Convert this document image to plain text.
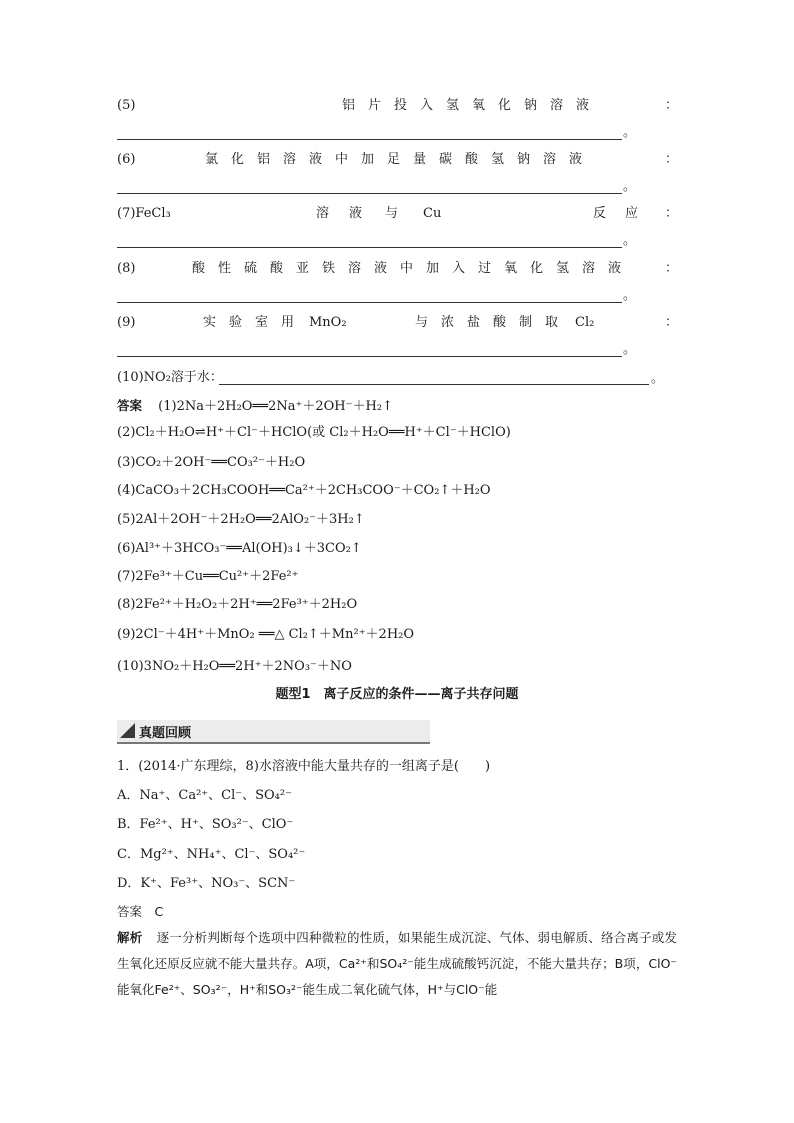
(5)	铝 片 投 入 氢 氧 化 钠 溶 液	：
。
(6)	氯 化 铝 溶 液 中 加 足 量 碳 酸 氢 钠 溶 液	：
。
(7)FeCl₃	溶 液 与 Cu	反 应 ：
。
(8)	酸 性 硫 酸 亚 铁 溶 液 中 加 入 过 氧 化 氢 溶 液	：
。
(9)	实 验 室 用 MnO₂	与 浓 盐 酸 制 取 Cl₂	：
。
(10)NO₂溶于水：	。
答案 (1)2Na＋2H₂O══2Na⁺＋2OH⁻＋H₂↑
(2)Cl₂＋H₂O⇌H⁺＋Cl⁻＋HClO(或 Cl₂＋H₂O══H⁺＋Cl⁻＋HClO)
(3)CO₂＋2OH⁻══CO₃²⁻＋H₂O
(4)CaCO₃＋2CH₃COOH══Ca²⁺＋2CH₃COO⁻＋CO₂↑＋H₂O
(5)2Al＋2OH⁻＋2H₂O══2AlO₂⁻＋3H₂↑
(6)Al³⁺＋3HCO₃⁻══Al(OH)₃↓＋3CO₂↑
(7)2Fe³⁺＋Cu══Cu²⁺＋2Fe²⁺
(8)2Fe²⁺＋H₂O₂＋2H⁺══2Fe³⁺＋2H₂O
(9)2Cl⁻＋4H⁺＋MnO₂ ══△ Cl₂↑＋Mn²⁺＋2H₂O
(10)3NO₂＋H₂O══2H⁺＋2NO₃⁻＋NO
题型1　离子反应的条件——离子共存问题
真题回顾
1．(2014·广东理综，8)水溶液中能大量共存的一组离子是(　　)
A．Na⁺、Ca²⁺、Cl⁻、SO₄²⁻
B．Fe²⁺、H⁺、SO₃²⁻、ClO⁻
C．Mg²⁺、NH₄⁺、Cl⁻、SO₄²⁻
D．K⁺、Fe³⁺、NO₃⁻、SCN⁻
答案　C
解析 逐一分析判断每个选项中四种微粒的性质，如果能生成沉淀、气体、弱电解质、络合离子或发生氧化还原反应就不能大量共存。A项，Ca²⁺和SO₄²⁻能生成硫酸钙沉淀，不能大量共存；B项，ClO⁻能氧化Fe²⁺、SO₃²⁻，H⁺和SO₃²⁻能生成二氧化硫气体，H⁺与ClO⁻能
